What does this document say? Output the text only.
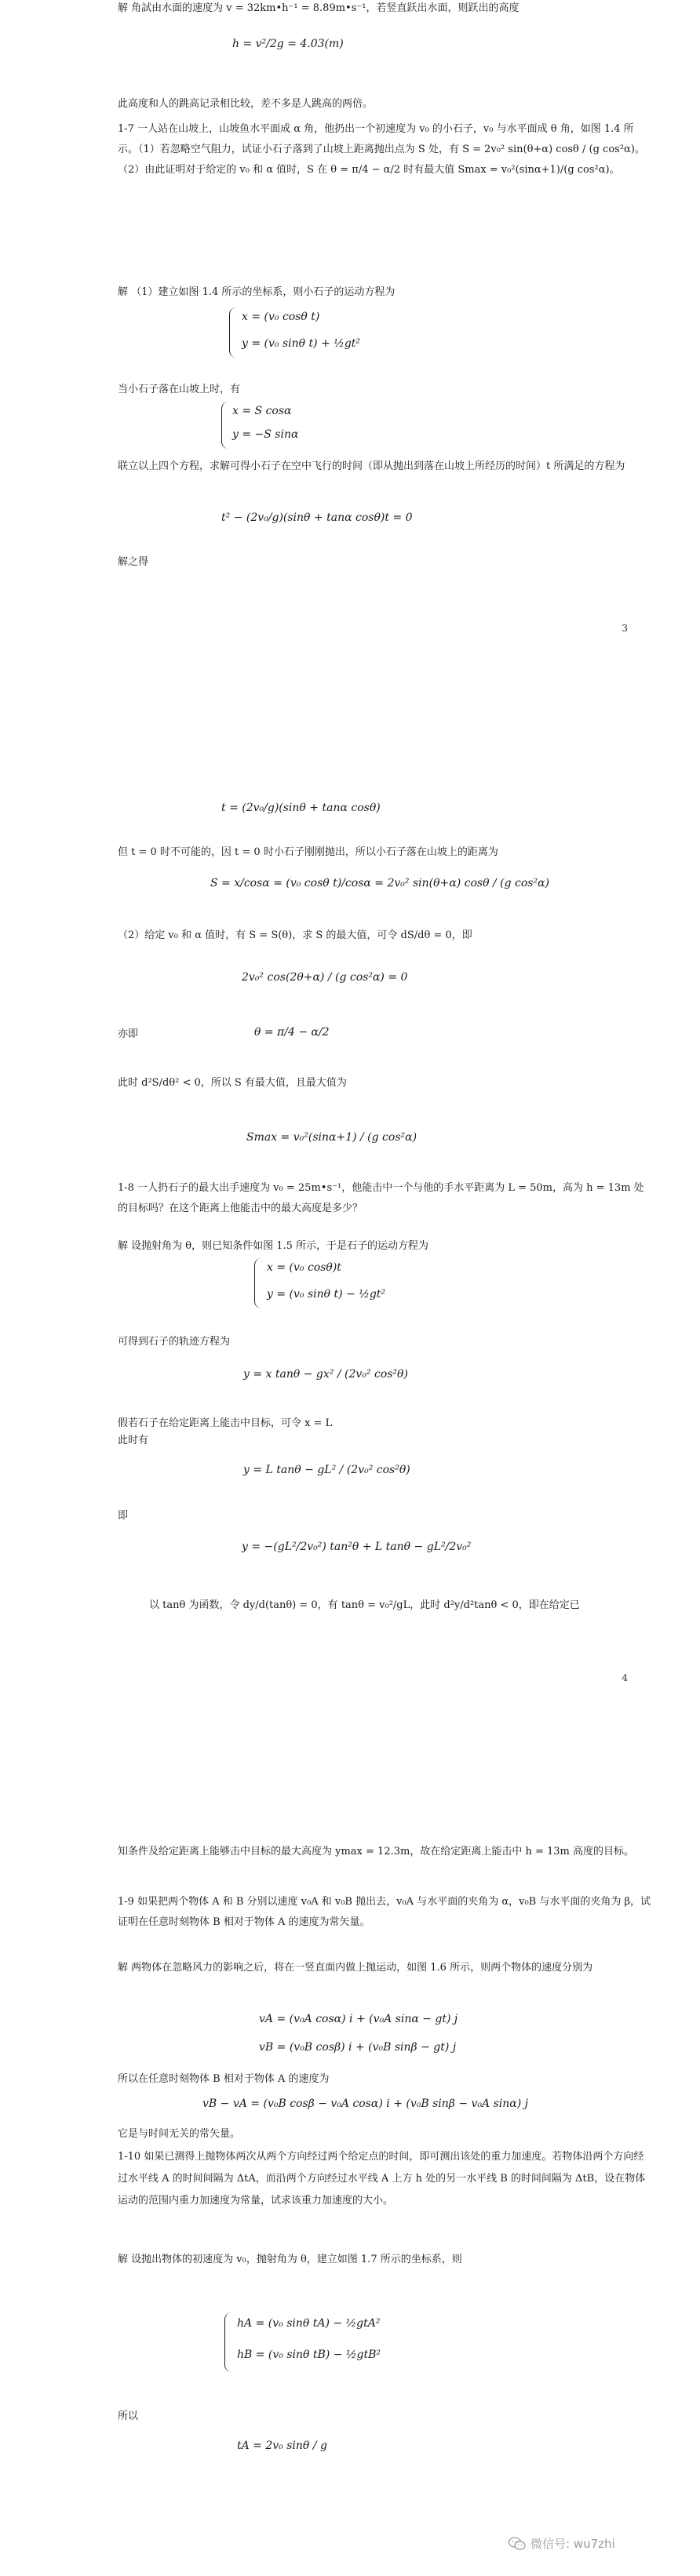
解 角試由水面的速度为 v = 32km•h⁻¹ = 8.89m•s⁻¹，若竖直跃出水面，则跃出的高度
h = v²/2g = 4.03(m)
此高度和人的跳高记录相比较，差不多是人跳高的两倍。
1-7 一人站在山坡上，山坡鱼水平面成 α 角，他扔出一个初速度为 v₀ 的小石子，v₀ 与水平面成 θ 角，如图 1.4 所示。（1）若忽略空气阻力，试证小石子落到了山坡上距离抛出点为 S 处，有 S = 2v₀² sin(θ+α) cosθ / (g cos²α)。（2）由此证明对于给定的 v₀ 和 α 值时，S 在 θ = π/4 − α/2 时有最大值 Smax = v₀²(sinα+1)/(g cos²α)。
解 （1）建立如图 1.4 所示的坐标系，则小石子的运动方程为
x = (v₀ cosθ t)
y = (v₀ sinθ t) + ½gt²
当小石子落在山坡上时，有
x = S cosα
y = −S sinα
联立以上四个方程，求解可得小石子在空中飞行的时间（即从抛出到落在山坡上所经历的时间）t 所满足的方程为
t² − (2v₀/g)(sinθ + tanα cosθ)t = 0
解之得
3
t = (2v₀/g)(sinθ + tanα cosθ)
但 t = 0 时不可能的，因 t = 0 时小石子刚刚抛出，所以小石子落在山坡上的距离为
S = x/cosα = (v₀ cosθ t)/cosα = 2v₀² sin(θ+α) cosθ / (g cos²α)
（2）给定 v₀ 和 α 值时，有 S = S(θ)，求 S 的最大值，可令 dS/dθ = 0，即
2v₀² cos(2θ+α) / (g cos²α) = 0
亦即	θ = π/4 − α/2
此时 d²S/dθ² < 0，所以 S 有最大值，且最大值为
Smax = v₀²(sinα+1) / (g cos²α)
1-8 一人扔石子的最大出手速度为 v₀ = 25m•s⁻¹，他能击中一个与他的手水平距离为 L = 50m，高为 h = 13m 处的目标吗？在这个距离上他能击中的最大高度是多少？
解 设抛射角为 θ，则已知条件如图 1.5 所示，于是石子的运动方程为
x = (v₀ cosθ)t
y = (v₀ sinθ t) − ½gt²
可得到石子的轨迹方程为
y = x tanθ − gx² / (2v₀² cos²θ)
假若石子在给定距离上能击中目标，可令 x = L
此时有
y = L tanθ − gL² / (2v₀² cos²θ)
即
y = −(gL²/2v₀²) tan²θ + L tanθ − gL²/2v₀²
以 tanθ 为函数，令 dy/d(tanθ) = 0，有 tanθ = v₀²/gL，此时 d²y/d²tanθ < 0，即在给定已
4
知条件及给定距离上能够击中目标的最大高度为 ymax = 12.3m，故在给定距离上能击中 h = 13m 高度的目标。
1-9 如果把两个物体 A 和 B 分别以速度 v₀A 和 v₀B 抛出去，v₀A 与水平面的夹角为 α，v₀B 与水平面的夹角为 β，试证明在任意时刻物体 B 相对于物体 A 的速度为常矢量。
解 两物体在忽略风力的影响之后，将在一竖直面内做上抛运动，如图 1.6 所示，则两个物体的速度分别为
vA = (v₀A cosα) i + (v₀A sinα − gt) j
vB = (v₀B cosβ) i + (v₀B sinβ − gt) j
所以在任意时刻物体 B 相对于物体 A 的速度为
vB − vA = (v₀B cosβ − v₀A cosα) i + (v₀B sinβ − v₀A sinα) j
它是与时间无关的常矢量。
1-10 如果已测得上抛物体两次从两个方向经过两个给定点的时间，即可测出该处的重力加速度。若物体沿两个方向经过水平线 A 的时间间隔为 ΔtA，而沿两个方向经过水平线 A 上方 h 处的另一水平线 B 的时间间隔为 ΔtB，设在物体运动的范围内重力加速度为常量，试求该重力加速度的大小。
解 设抛出物体的初速度为 v₀，抛射角为 θ，建立如图 1.7 所示的坐标系，则
hA = (v₀ sinθ tA) − ½gtA²
hB = (v₀ sinθ tB) − ½gtB²
所以
tA = 2v₀ sinθ / g
微信号: wu7zhi
